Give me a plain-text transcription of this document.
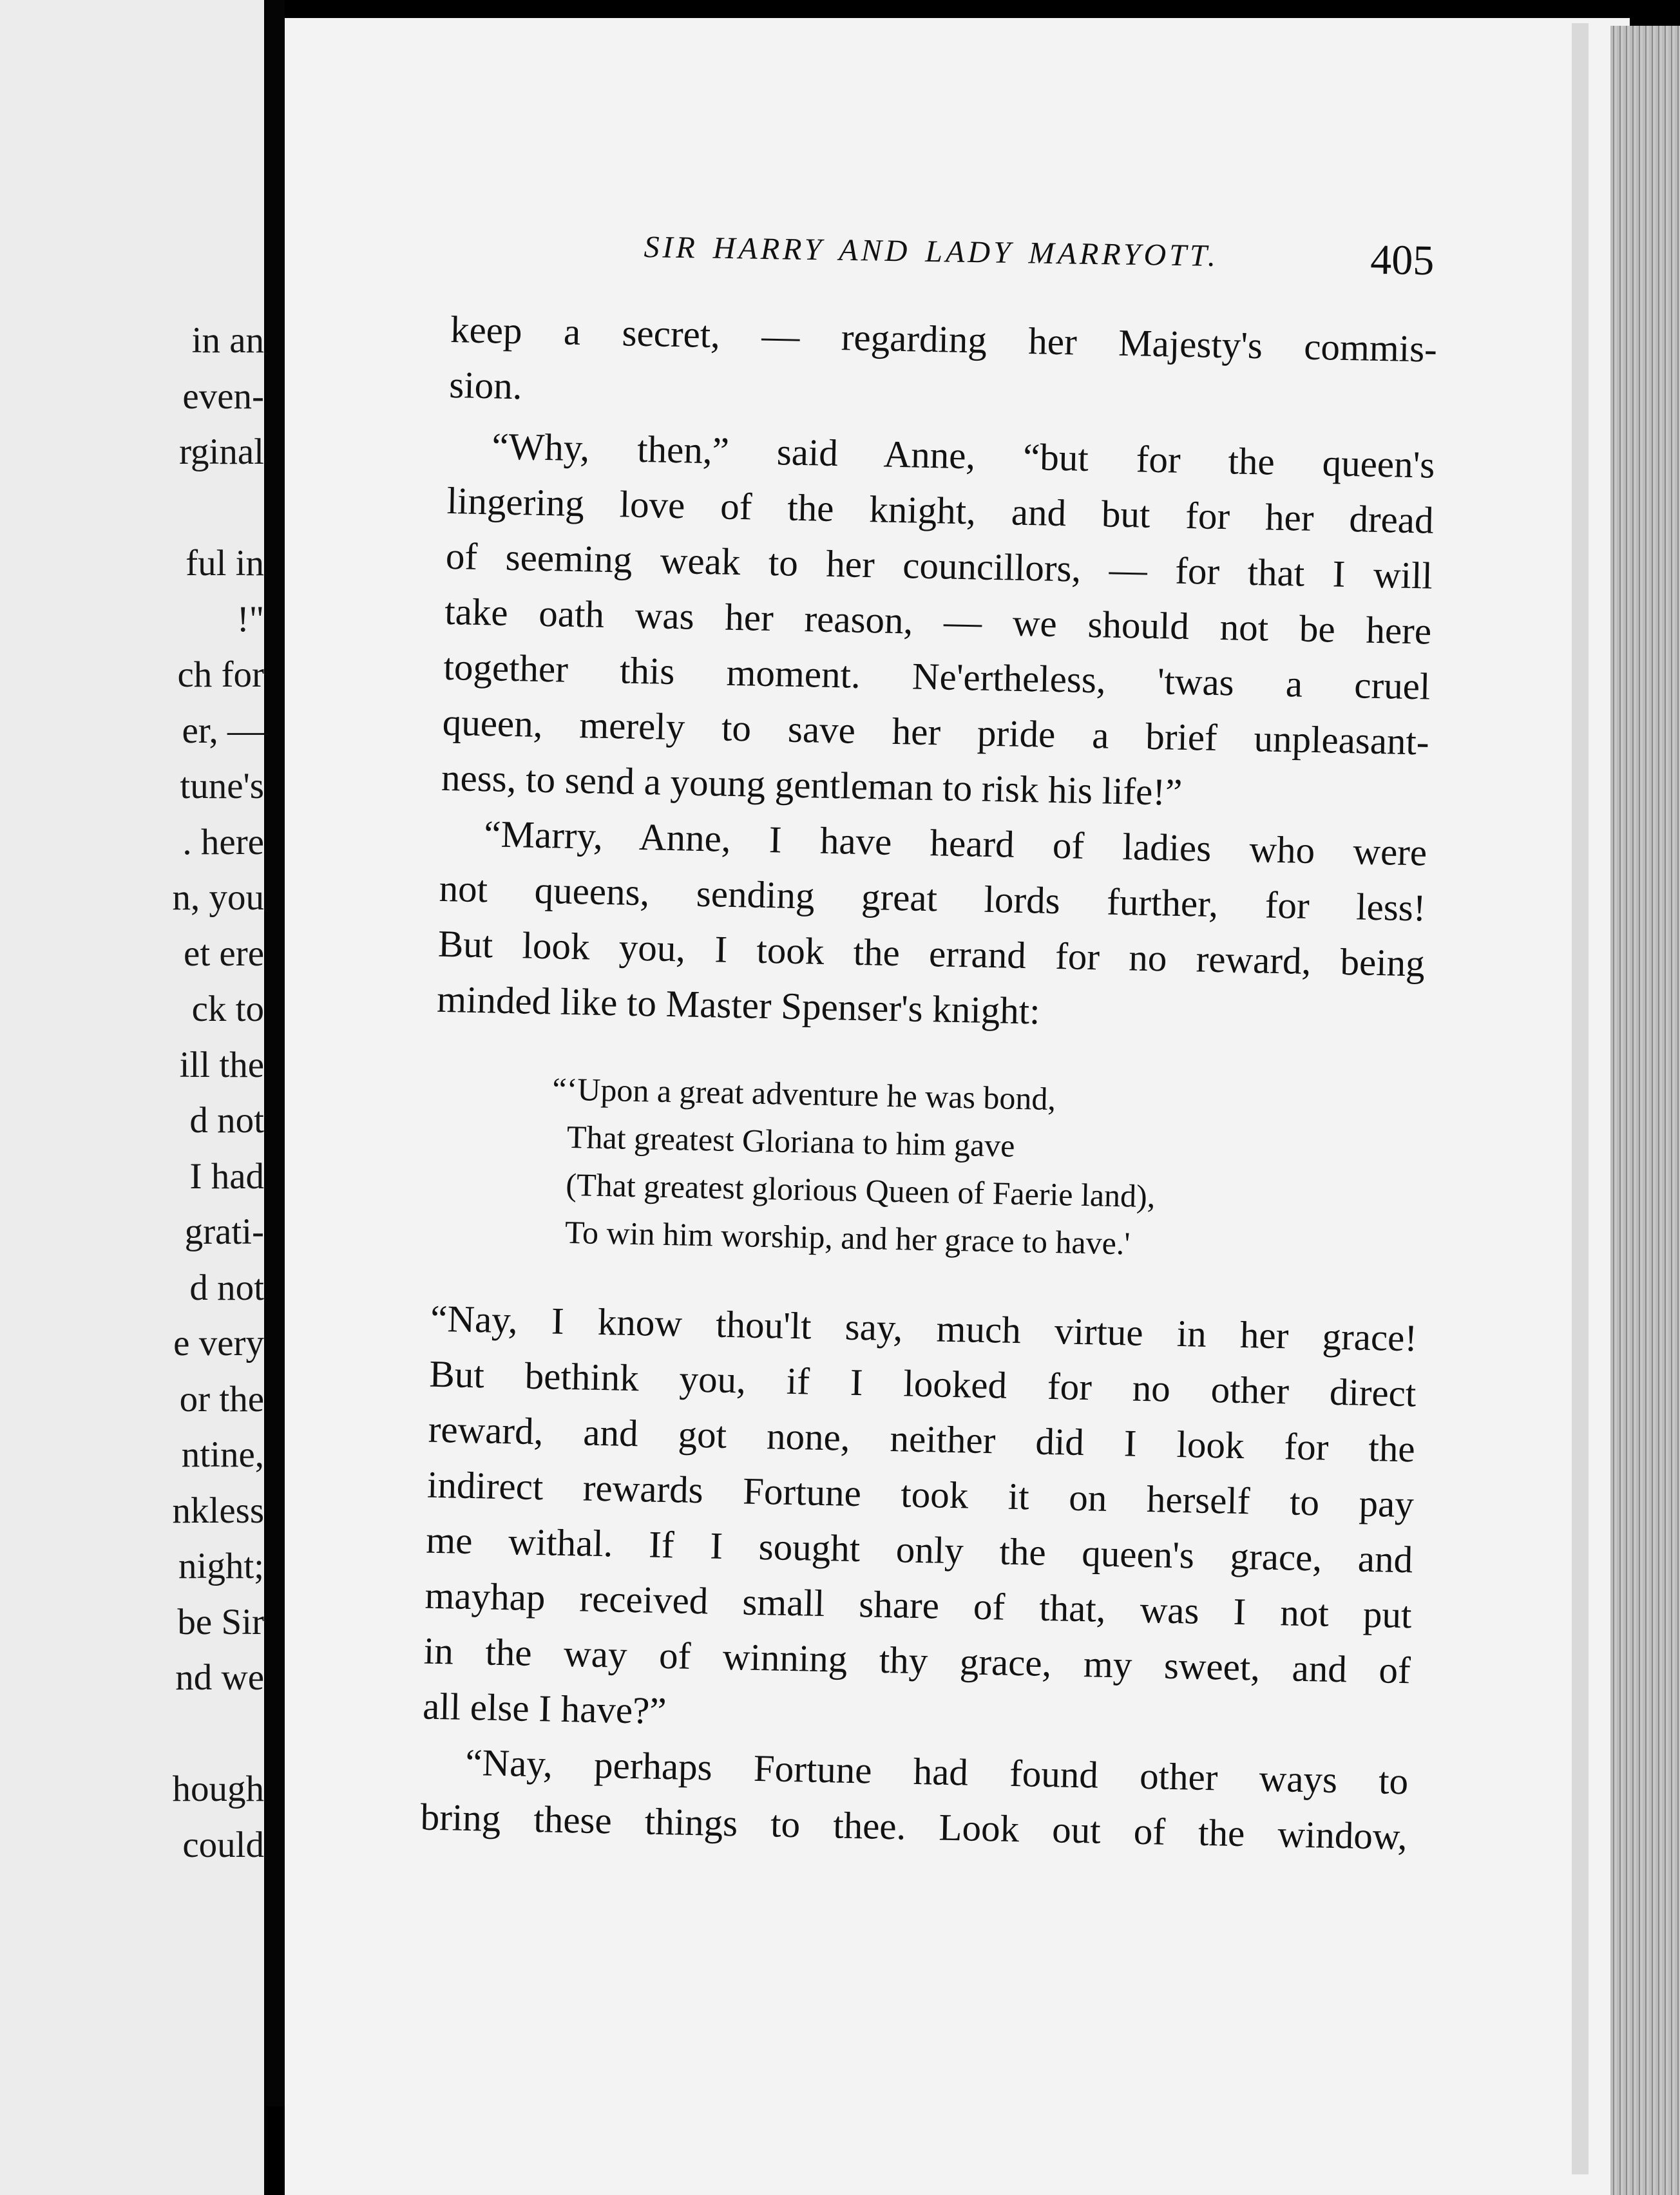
in an
even-
rginal
ful in
!"
ch for
er, —
tune's
. here
n, you
et ere
ck to
ill the
d not
I had
grati-
d not
e very
or the
ntine,
nkless
night;
be Sir
nd we
hough
could
SIR HARRY AND LADY MARRYOTT.	405
keep a secret, — regarding her Majesty's commis-
sion.
“Why, then,” said Anne, “but for the queen's
lingering love of the knight, and but for her dread
of seeming weak to her councillors, — for that I will
take oath was her reason, — we should not be here
together this moment. Ne'ertheless, 'twas a cruel
queen, merely to save her pride a brief unpleasant-
ness, to send a young gentleman to risk his life!”
“Marry, Anne, I have heard of ladies who were
not queens, sending great lords further, for less!
But look you, I took the errand for no reward, being
minded like to Master Spenser's knight:
“‘Upon a great adventure he was bond,
That greatest Gloriana to him gave
(That greatest glorious Queen of Faerie land),
To win him worship, and her grace to have.'
“Nay, I know thou'lt say, much virtue in her grace!
But bethink you, if I looked for no other direct
reward, and got none, neither did I look for the
indirect rewards Fortune took it on herself to pay
me withal. If I sought only the queen's grace, and
mayhap received small share of that, was I not put
in the way of winning thy grace, my sweet, and of
all else I have?”
“Nay, perhaps Fortune had found other ways to
bring these things to thee. Look out of the window,
